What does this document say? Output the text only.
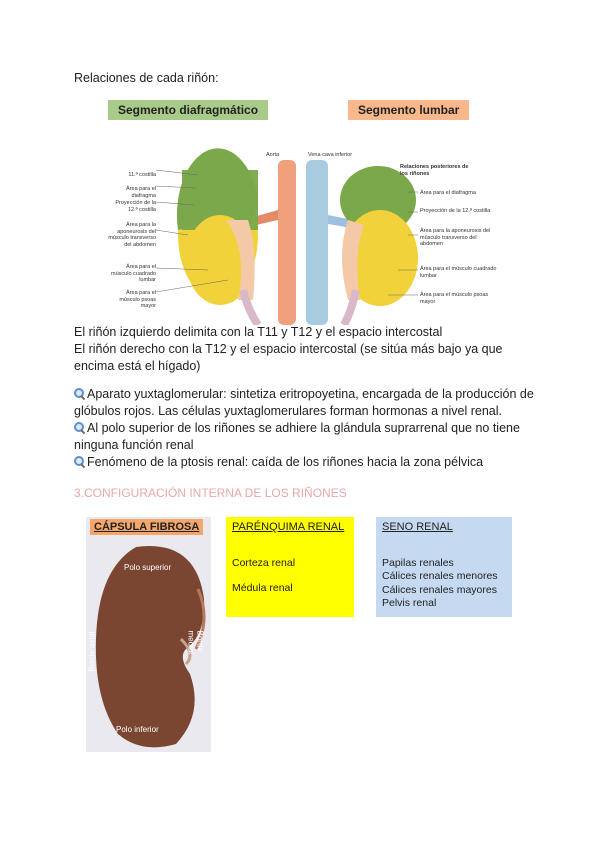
Relaciones de cada riñón:
Segmento diafragmático	Segmento lumbar
Aorta	Vena cava inferior
Relaciones posteriores de los riñones
11.ª costilla
Área para el diafragma
Proyección de la 12.ª costilla
Área para la aponeurosis del músculo transverso del abdomen
Área para el músculo cuadrado lumbar
Área para el músculo psoas mayor
Área para el diafragma
Proyección de la 12.ª costilla
Área para la aponeurosis del músculo transverso del abdomen
Área para el músculo cuadrado lumbar
Área para el músculo psoas mayor
El riñón izquierdo delimita con la T11 y T12 y el espacio intercostal
El riñón derecho con la T12 y el espacio intercostal (se sitúa más bajo ya que
encima está el hígado)
Aparato yuxtaglomerular: sintetiza eritropoyetina, encargada de la producción de
glóbulos rojos. Las células yuxtaglomerulares forman hormonas a nivel renal.
Al polo superior de los riñones se adhiere la glándula suprarrenal que no tiene
ninguna función renal
Fenómeno de la ptosis renal: caída de los riñones hacia la zona pélvica
3.CONFIGURACIÓN INTERNA DE LOS RIÑONES
CÁPSULA FIBROSA
Polo superior
Polo inferior
Borde axial	Borde medial
PARÉNQUIMA RENAL
Corteza renal
Médula renal
SENO RENAL
Papilas renales
Cálices renales menores
Cálices renales mayores
Pelvis renal
